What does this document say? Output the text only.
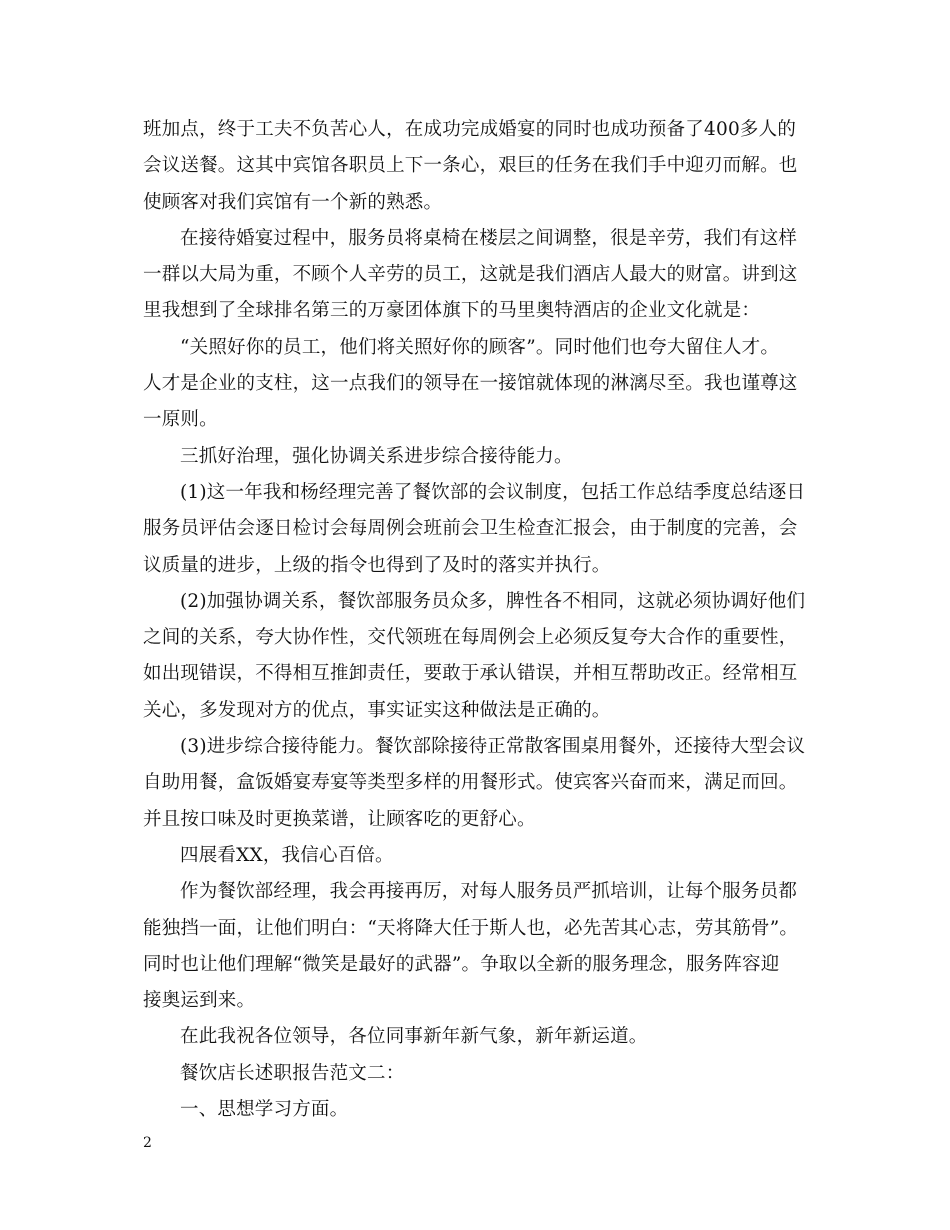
班加点，终于工夫不负苦心人，在成功完成婚宴的同时也成功预备了400多人的
会议送餐。这其中宾馆各职员上下一条心，艰巨的任务在我们手中迎刃而解。也
使顾客对我们宾馆有一个新的熟悉。
在接待婚宴过程中，服务员将桌椅在楼层之间调整，很是辛劳，我们有这样
一群以大局为重，不顾个人辛劳的员工，这就是我们酒店人最大的财富。讲到这
里我想到了全球排名第三的万豪团体旗下的马里奥特酒店的企业文化就是：
“关照好你的员工，他们将关照好你的顾客”。同时他们也夸大留住人才。
人才是企业的支柱，这一点我们的领导在一接馆就体现的淋漓尽至。我也谨尊这
一原则。
三抓好治理，强化协调关系进步综合接待能力。
(1)这一年我和杨经理完善了餐饮部的会议制度，包括工作总结季度总结逐日
服务员评估会逐日检讨会每周例会班前会卫生检查汇报会，由于制度的完善，会
议质量的进步，上级的指令也得到了及时的落实并执行。
(2)加强协调关系，餐饮部服务员众多，脾性各不相同，这就必须协调好他们
之间的关系，夸大协作性，交代领班在每周例会上必须反复夸大合作的重要性，
如出现错误，不得相互推卸责任，要敢于承认错误，并相互帮助改正。经常相互
关心，多发现对方的优点，事实证实这种做法是正确的。
(3)进步综合接待能力。餐饮部除接待正常散客围桌用餐外，还接待大型会议
自助用餐，盒饭婚宴寿宴等类型多样的用餐形式。使宾客兴奋而来，满足而回。
并且按口味及时更换菜谱，让顾客吃的更舒心。
四展看XX，我信心百倍。
作为餐饮部经理，我会再接再厉，对每人服务员严抓培训，让每个服务员都
能独挡一面，让他们明白：“天将降大任于斯人也，必先苦其心志，劳其筋骨”。
同时也让他们理解“微笑是最好的武器”。争取以全新的服务理念，服务阵容迎
接奥运到来。
在此我祝各位领导，各位同事新年新气象，新年新运道。
餐饮店长述职报告范文二：
一、思想学习方面。
2
